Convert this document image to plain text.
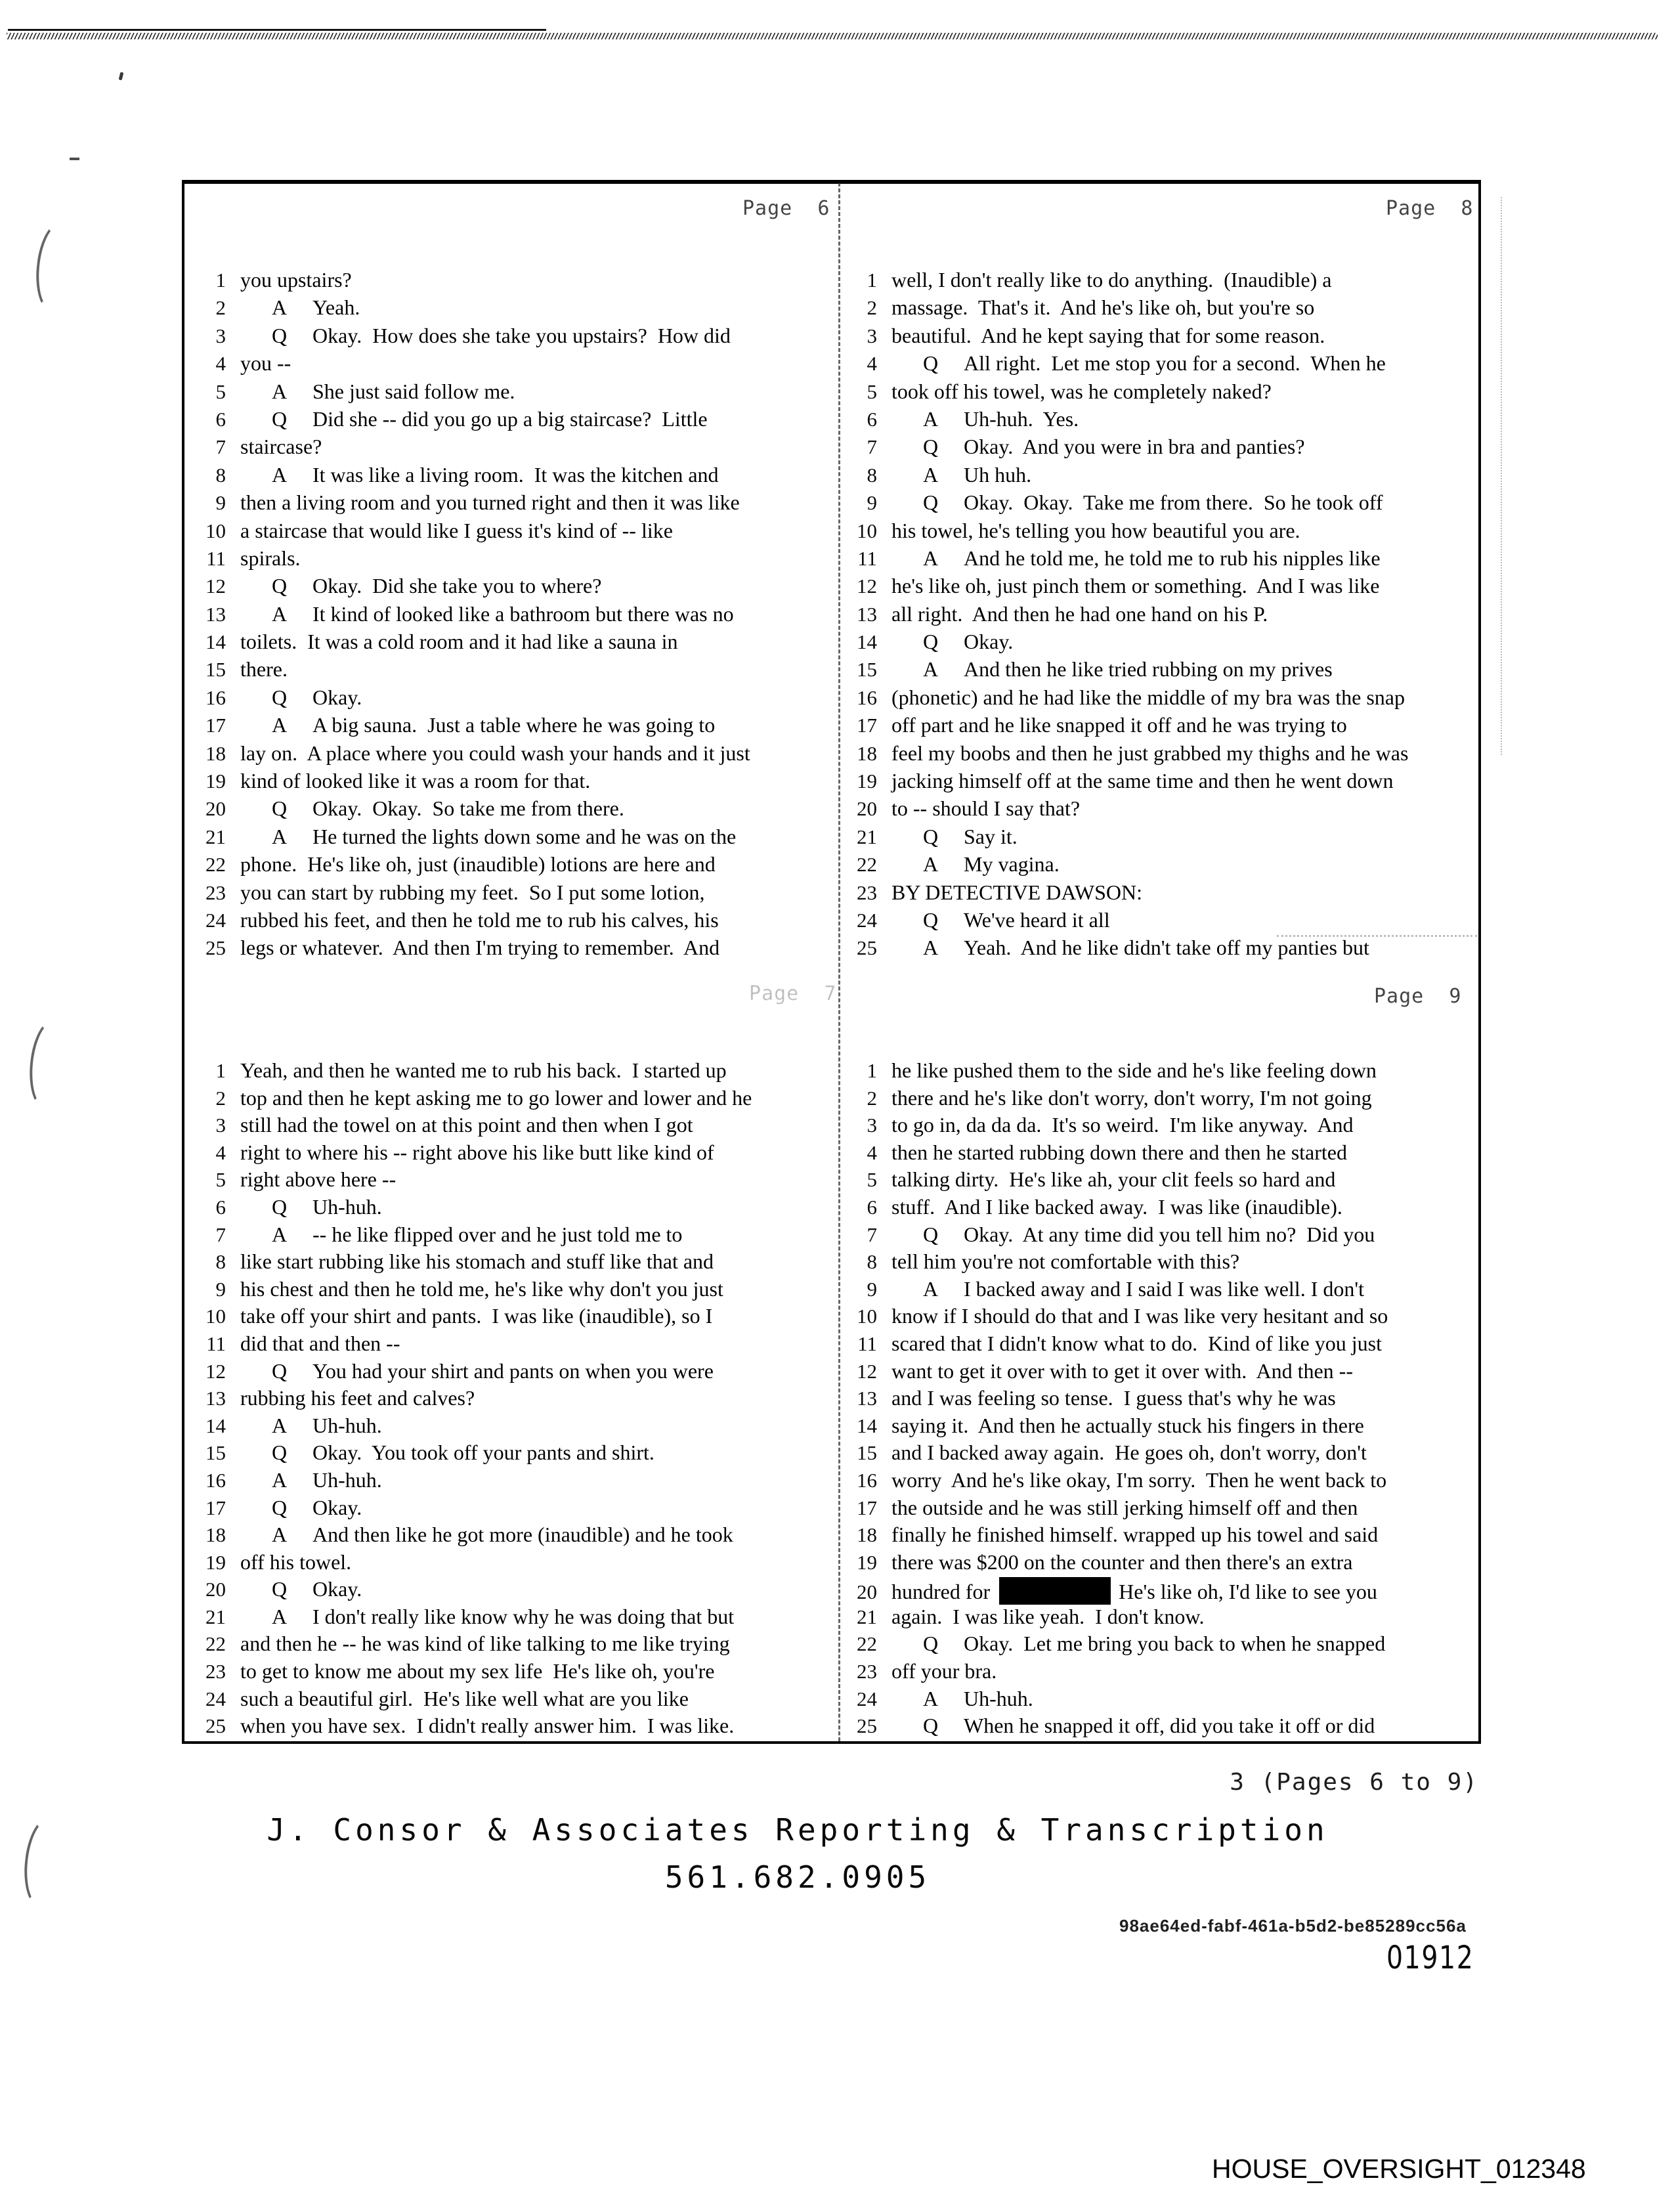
Page  6	Page  8
Page  7	Page  9
1 you upstairs?
2	A Yeah.
3	Q Okay.  How does she take you upstairs?  How did
4 you --
5	A She just said follow me.
6	Q Did she -- did you go up a big staircase?  Little
7 staircase?
8	A It was like a living room.  It was the kitchen and
9 then a living room and you turned right and then it was like
10 a staircase that would like I guess it's kind of -- like
11 spirals.
12	Q Okay.  Did she take you to where?
13	A It kind of looked like a bathroom but there was no
14 toilets.  It was a cold room and it had like a sauna in
15 there.
16	Q Okay.
17	A A big sauna.  Just a table where he was going to
18 lay on.  A place where you could wash your hands and it just
19 kind of looked like it was a room for that.
20	Q Okay.  Okay.  So take me from there.
21	A He turned the lights down some and he was on the
22 phone.  He's like oh, just (inaudible) lotions are here and
23 you can start by rubbing my feet.  So I put some lotion,
24 rubbed his feet, and then he told me to rub his calves, his
25 legs or whatever.  And then I'm trying to remember.  And
1 well, I don't really like to do anything.  (Inaudible) a
2 massage.  That's it.  And he's like oh, but you're so
3 beautiful.  And he kept saying that for some reason.
4	Q All right.  Let me stop you for a second.  When he
5 took off his towel, was he completely naked?
6	A Uh-huh.  Yes.
7	Q Okay.  And you were in bra and panties?
8	A Uh huh.
9	Q Okay.  Okay.  Take me from there.  So he took off
10 his towel, he's telling you how beautiful you are.
11	A And he told me, he told me to rub his nipples like
12 he's like oh, just pinch them or something.  And I was like
13 all right.  And then he had one hand on his P.
14	Q Okay.
15	A And then he like tried rubbing on my prives
16 (phonetic) and he had like the middle of my bra was the snap
17 off part and he like snapped it off and he was trying to
18 feel my boobs and then he just grabbed my thighs and he was
19 jacking himself off at the same time and then he went down
20 to -- should I say that?
21	Q Say it.
22	A My vagina.
23 BY DETECTIVE DAWSON:
24	Q We've heard it all
25	A Yeah.  And he like didn't take off my panties but
1 Yeah, and then he wanted me to rub his back.  I started up
2 top and then he kept asking me to go lower and lower and he
3 still had the towel on at this point and then when I got
4 right to where his -- right above his like butt like kind of
5 right above here --
6	Q Uh-huh.
7	A -- he like flipped over and he just told me to
8 like start rubbing like his stomach and stuff like that and
9 his chest and then he told me, he's like why don't you just
10 take off your shirt and pants.  I was like (inaudible), so I
11 did that and then --
12	Q You had your shirt and pants on when you were
13 rubbing his feet and calves?
14	A Uh-huh.
15	Q Okay.  You took off your pants and shirt.
16	A Uh-huh.
17	Q Okay.
18	A And then like he got more (inaudible) and he took
19 off his towel.
20	Q Okay.
21	A I don't really like know why he was doing that but
22 and then he -- he was kind of like talking to me like trying
23 to get to know me about my sex life  He's like oh, you're
24 such a beautiful girl.  He's like well what are you like
25 when you have sex.  I didn't really answer him.  I was like.
1 he like pushed them to the side and he's like feeling down
2 there and he's like don't worry, don't worry, I'm not going
3 to go in, da da da.  It's so weird.  I'm like anyway.  And
4 then he started rubbing down there and then he started
5 talking dirty.  He's like ah, your clit feels so hard and
6 stuff.  And I like backed away.  I was like (inaudible).
7	Q Okay.  At any time did you tell him no?  Did you
8 tell him you're not comfortable with this?
9	A I backed away and I said I was like well. I don't
10 know if I should do that and I was like very hesitant and so
11 scared that I didn't know what to do.  Kind of like you just
12 want to get it over with to get it over with.  And then --
13 and I was feeling so tense.  I guess that's why he was
14 saying it.  And then he actually stuck his fingers in there
15 and I backed away again.  He goes oh, don't worry, don't
16 worry  And he's like okay, I'm sorry.  Then he went back to
17 the outside and he was still jerking himself off and then
18 finally he finished himself. wrapped up his towel and said
19 there was $200 on the counter and then there's an extra
20 hundred for	He's like oh, I'd like to see you
21 again.  I was like yeah.  I don't know.
22	Q Okay.  Let me bring you back to when he snapped
23 off your bra.
24	A Uh-huh.
25	Q When he snapped it off, did you take it off or did
3 (Pages 6 to 9)
J. Consor & Associates Reporting & Transcription
561.682.0905
98ae64ed-fabf-461a-b5d2-be85289cc56a
01912
HOUSE_OVERSIGHT_012348
